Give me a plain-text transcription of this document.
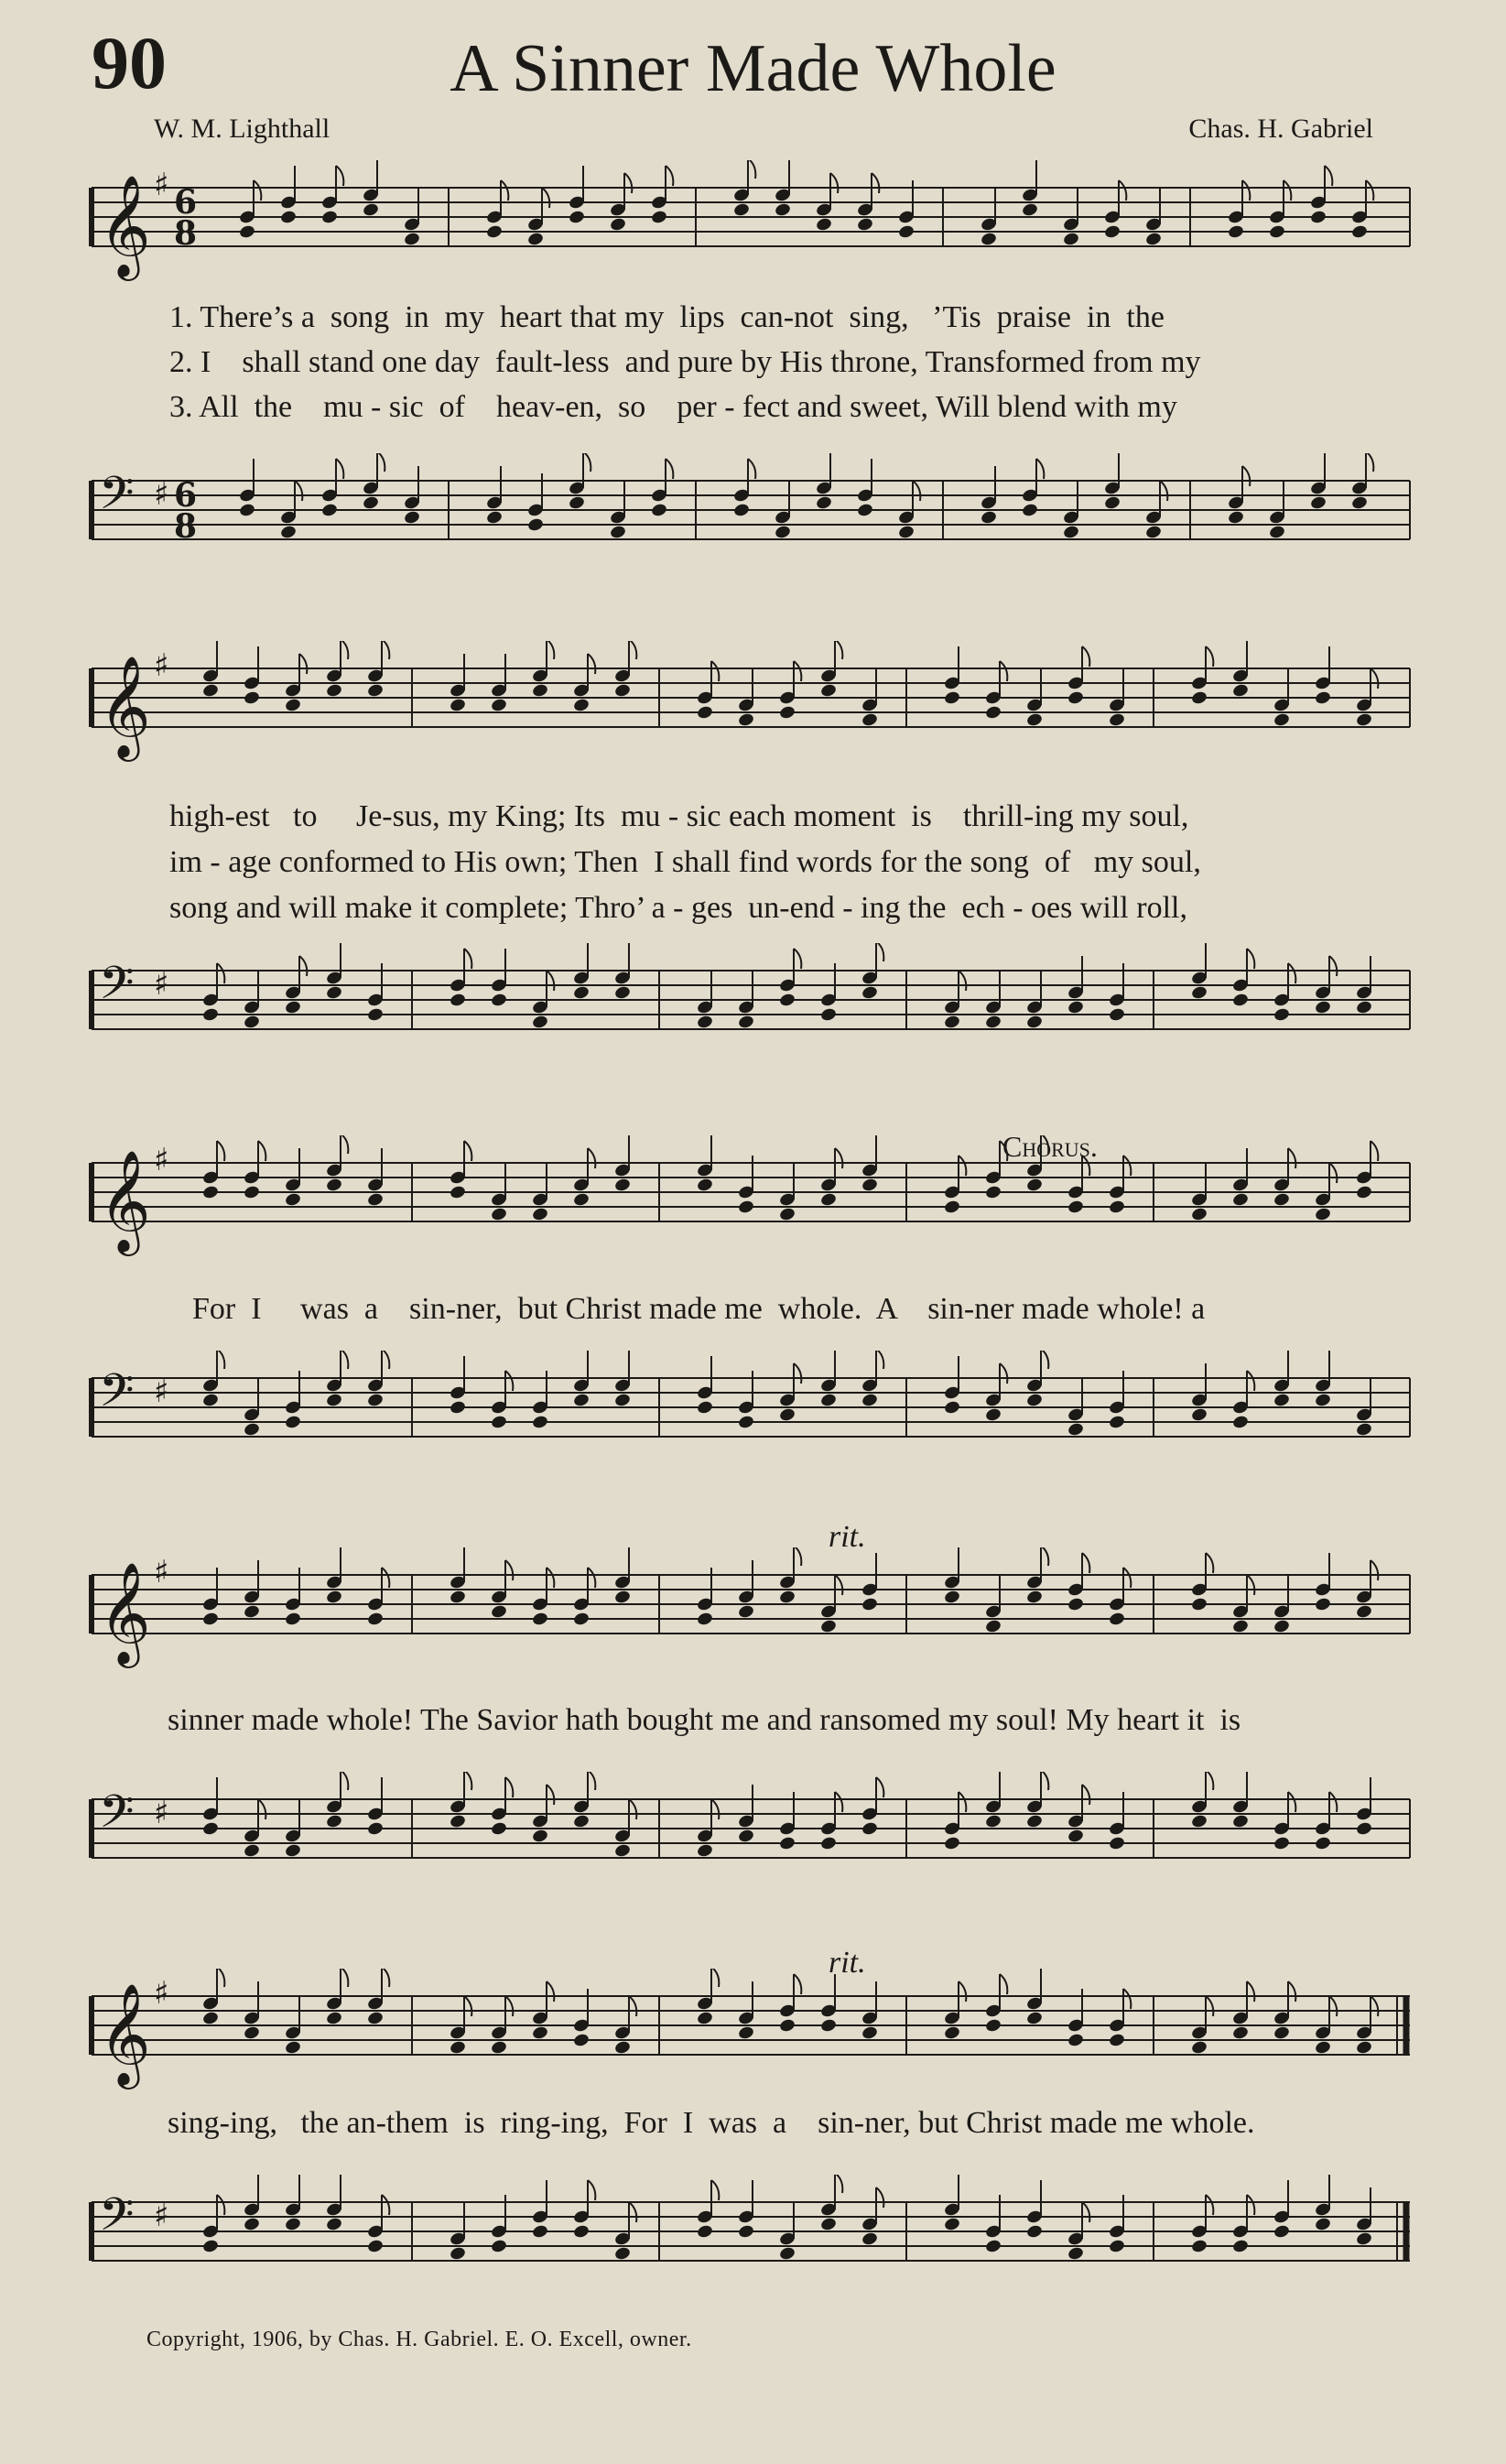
90	A Sinner Made Whole
W. M. Lighthall	Chas. H. Gabriel
𝄞 ♯ 6
8
𝄢 ♯ 6
8
1. There’s a  song  in  my  heart that my  lips  can-not  sing,   ’Tis  praise  in  the
2. I    shall stand one day  fault-less  and pure by His throne, Transformed from my
3. All  the    mu - sic  of    heav-en,  so    per - fect and sweet, Will blend with my
𝄞 ♯
𝄢 ♯
high-est   to     Je-sus, my King; Its  mu - sic each moment  is    thrill-ing my soul,
im - age conformed to His own; Then  I shall find words for the song  of   my soul,
song and will make it complete; Thro’ a - ges  un-end - ing the  ech - oes will roll,
Chorus.
𝄞 ♯
𝄢 ♯
For  I     was  a    sin-ner,  but Christ made me  whole.  A    sin-ner made whole! a
rit.
𝄞 ♯
𝄢 ♯
sinner made whole! The Savior hath bought me and ransomed my soul! My heart it  is
rit.
𝄞 ♯
𝄢 ♯
sing-ing,   the an-them  is  ring-ing,  For  I  was  a    sin-ner, but Christ made me whole.
Copyright, 1906, by Chas. H. Gabriel. E. O. Excell, owner.
